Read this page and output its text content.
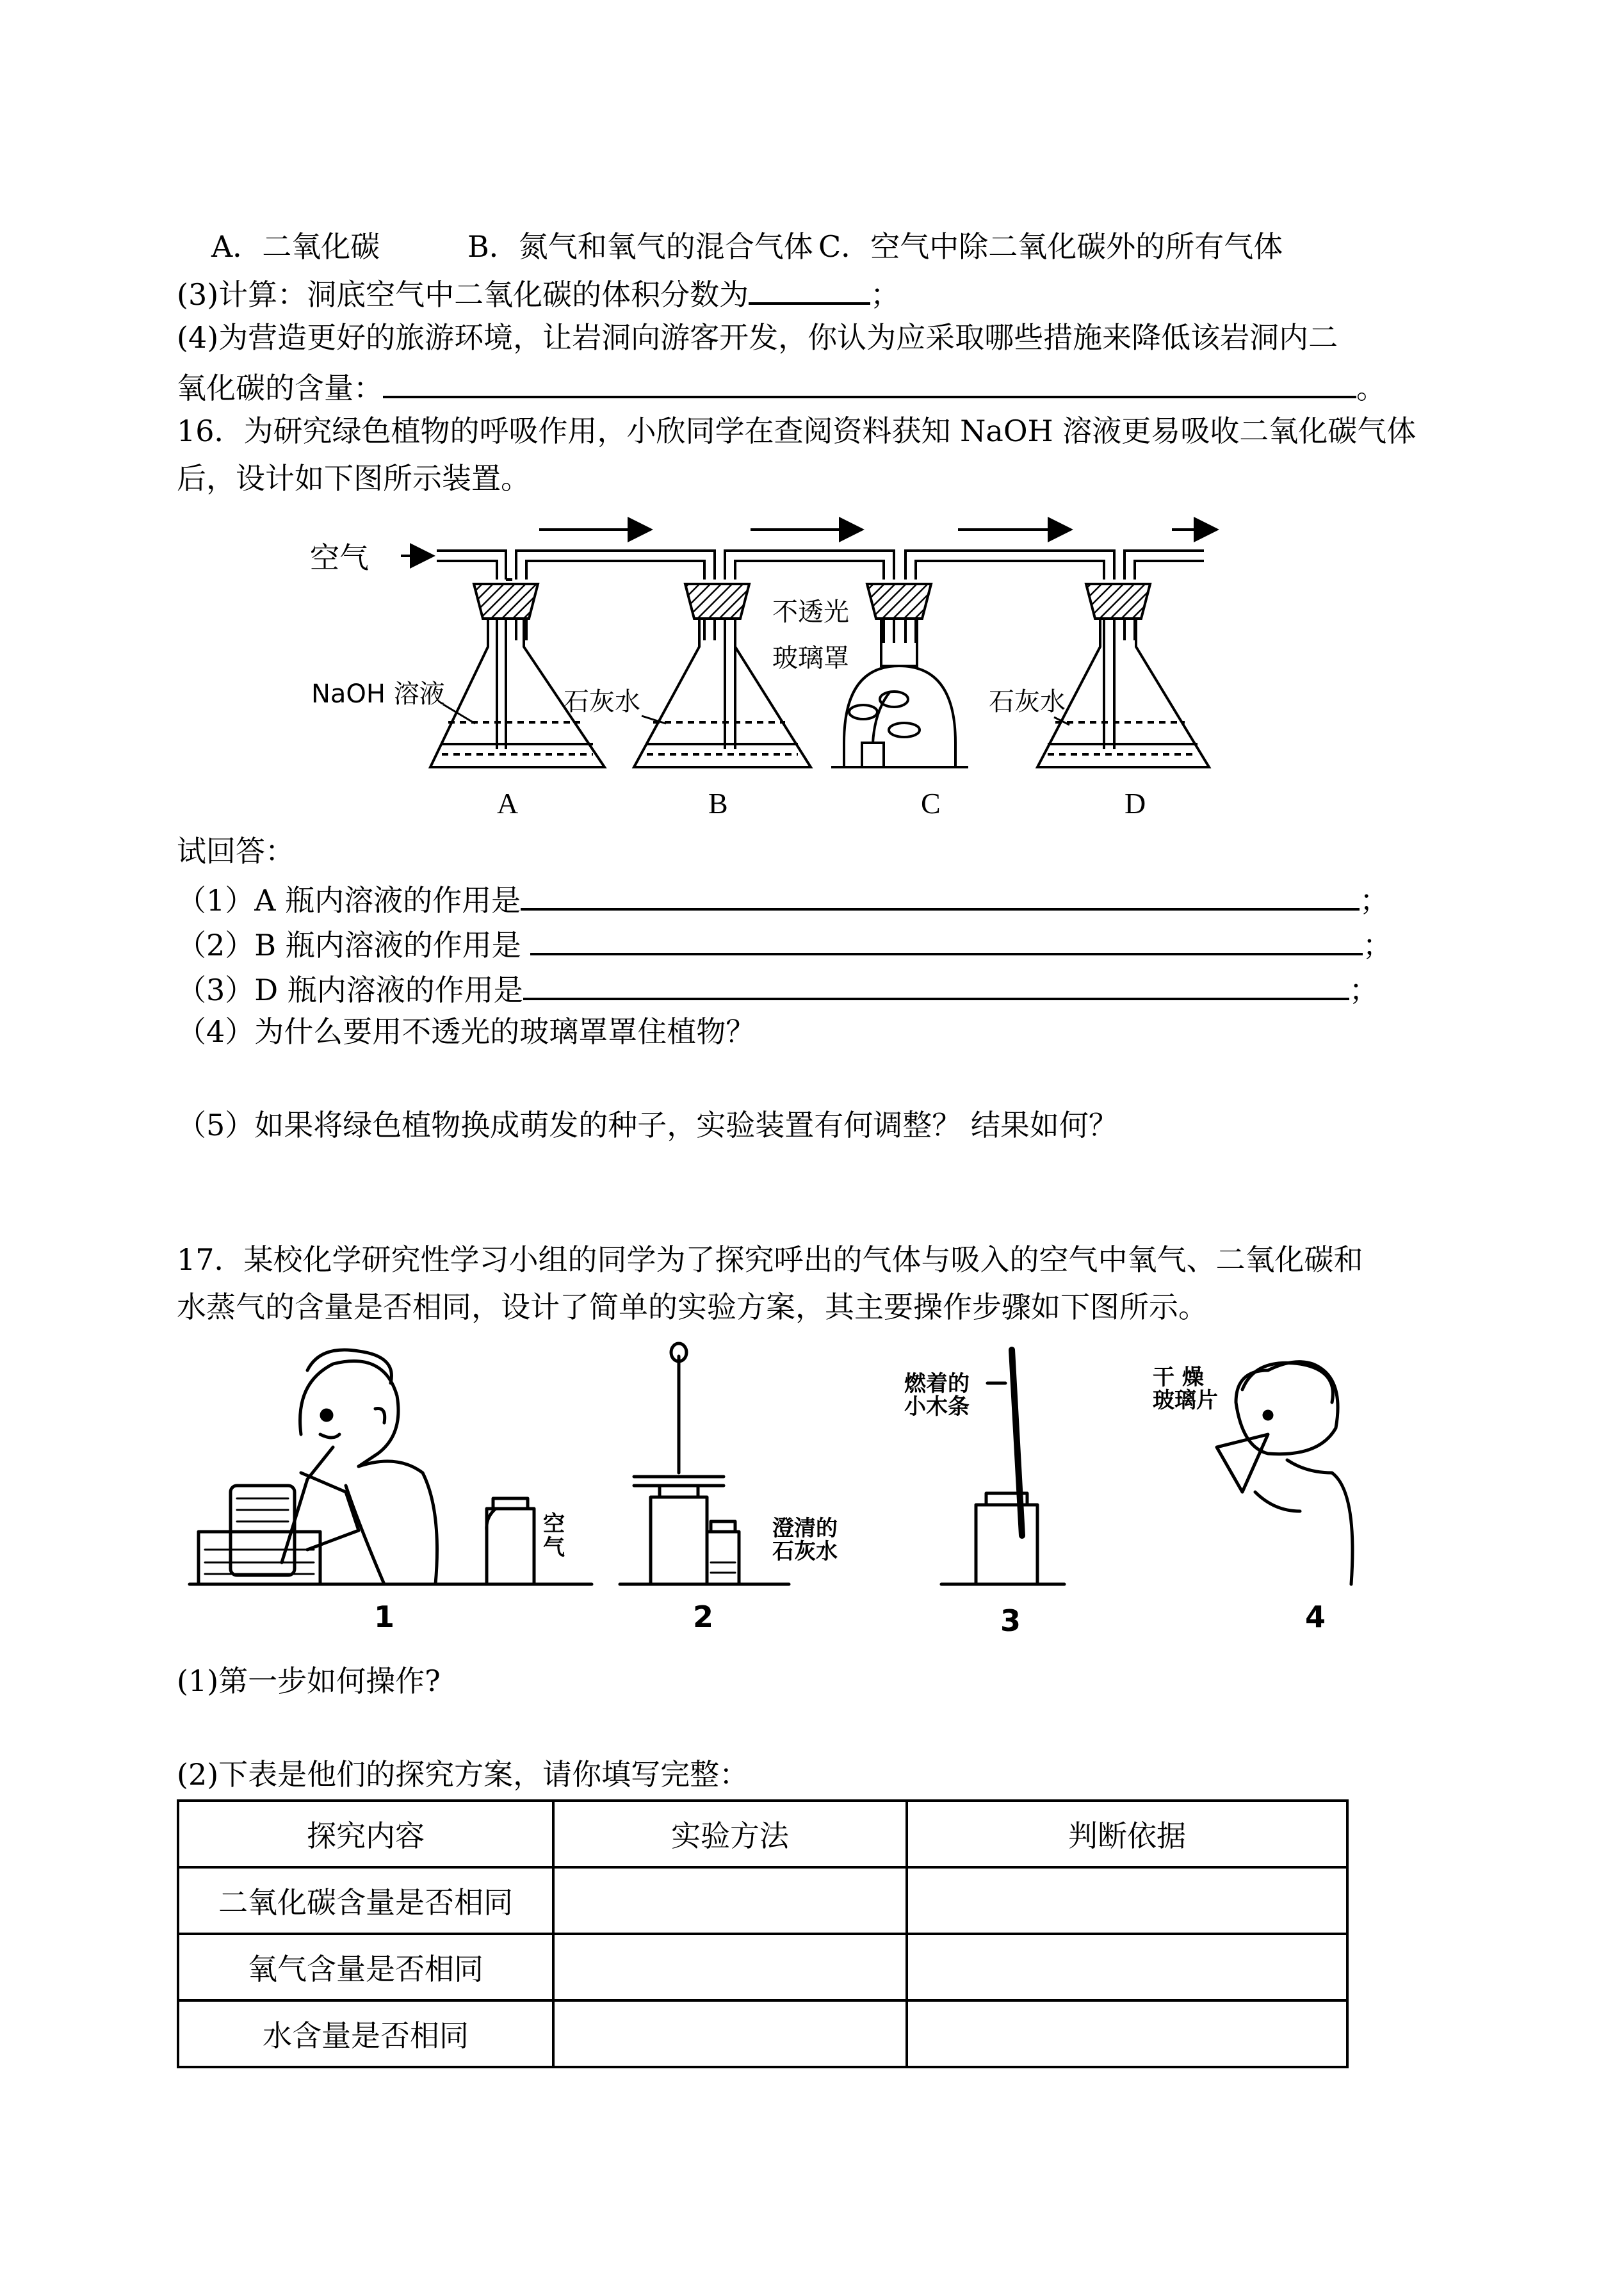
A．二氧化碳	B．氮气和氧气的混合气体 C．空气中除二氧化碳外的所有气体
(3)计算：洞底空气中二氧化碳的体积分数为	；
(4)为营造更好的旅游环境，让岩洞向游客开发，你认为应采取哪些措施来降低该岩洞内二
氧化碳的含量：	。
16．为研究绿色植物的呼吸作用，小欣同学在查阅资料获知 NaOH 溶液更易吸收二氧化碳气体
后，设计如下图所示装置。
空气
NaOH 溶液	石灰水
不透光
玻璃罩
石灰水
A	B	C	D
试回答：
（1）A 瓶内溶液的作用是	；
（2）B 瓶内溶液的作用是	；
（3）D 瓶内溶液的作用是	；
（4）为什么要用不透光的玻璃罩罩住植物？
（5）如果将绿色植物换成萌发的种子，实验装置有何调整？ 结果如何？
17．某校化学研究性学习小组的同学为了探究呼出的气体与吸入的空气中氧气、二氧化碳和
水蒸气的含量是否相同，设计了简单的实验方案，其主要操作步骤如下图所示。
空气
澄清的
石灰水
燃着的
小木条
干 燥
玻璃片
1	2	3	4
(1)第一步如何操作?
(2)下表是他们的探究方案，请你填写完整：
探究内容	实验方法	判断依据
二氧化碳含量是否相同		
氧气含量是否相同		
水含量是否相同		
